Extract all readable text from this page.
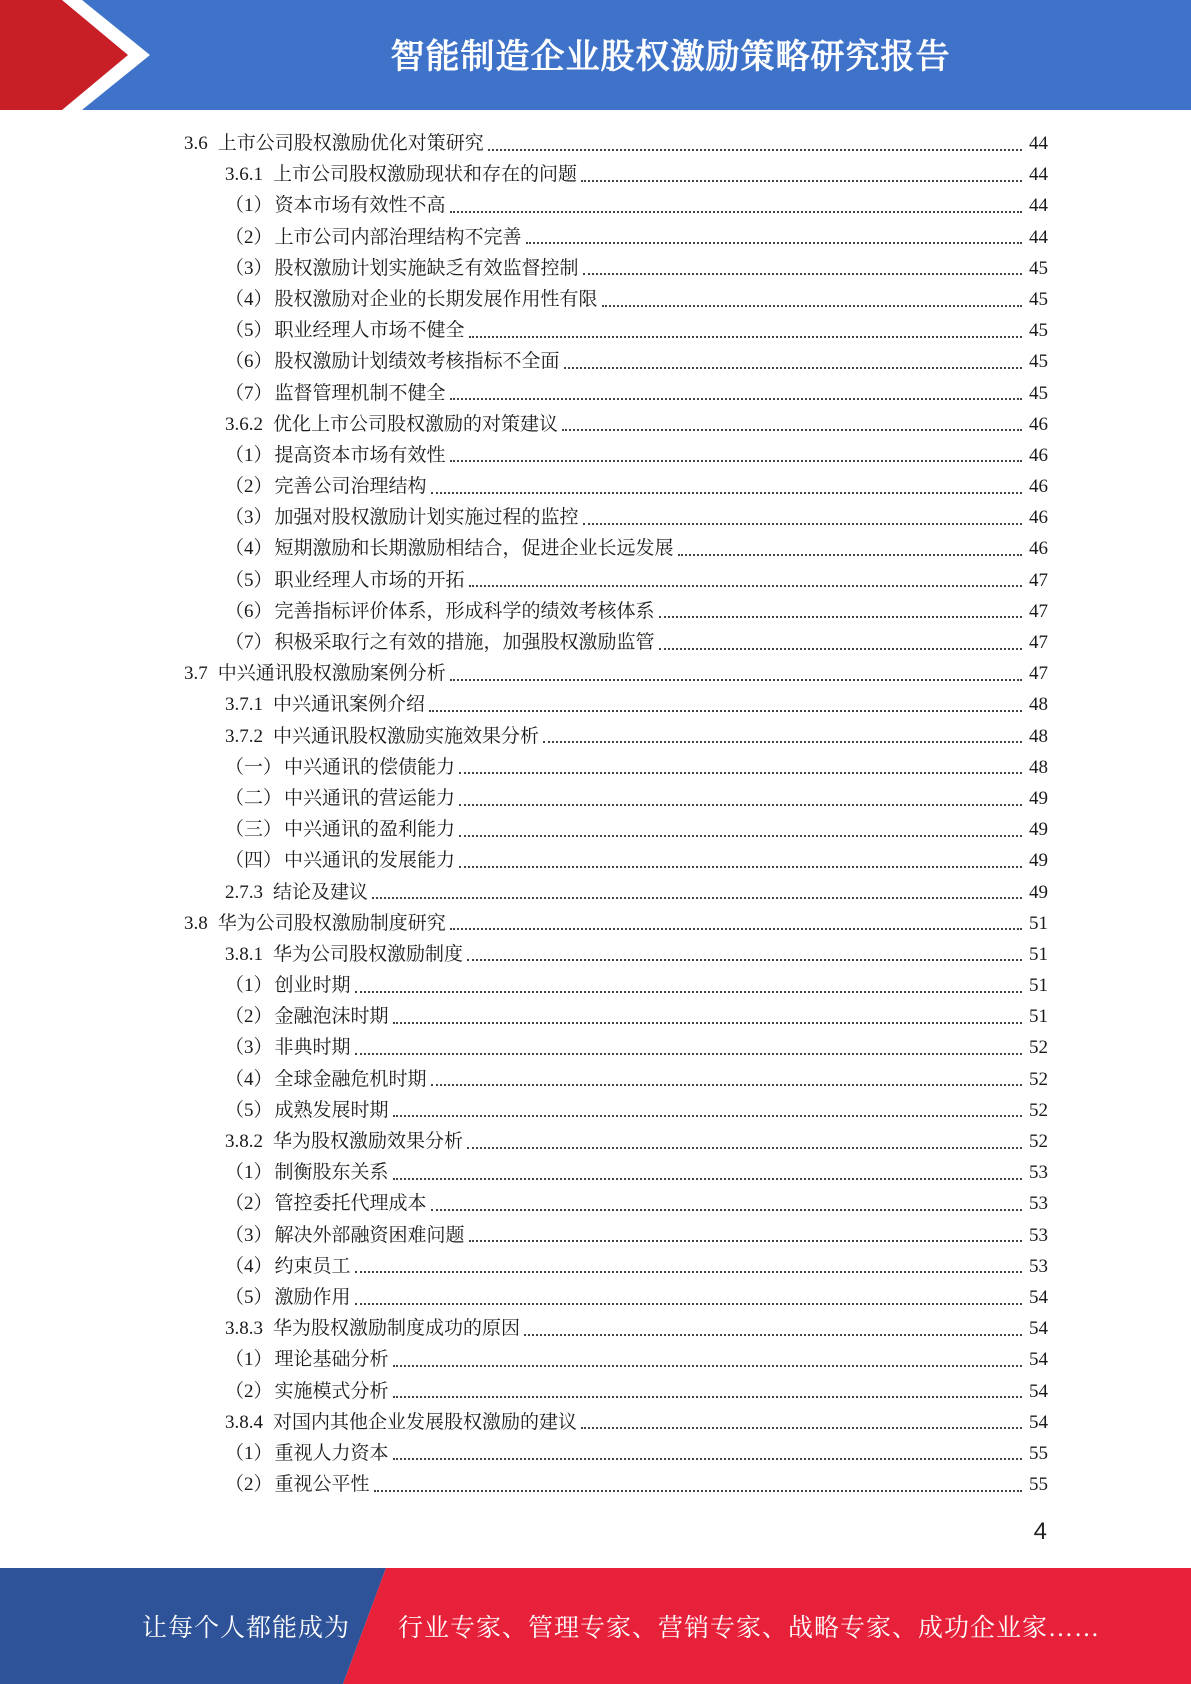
智能制造企业股权激励策略研究报告
3.6 上市公司股权激励优化对策研究	44
3.6.1 上市公司股权激励现状和存在的问题	44
（1） 资本市场有效性不高	44
（2） 上市公司内部治理结构不完善	44
（3） 股权激励计划实施缺乏有效监督控制	45
（4） 股权激励对企业的长期发展作用性有限	45
（5） 职业经理人市场不健全	45
（6） 股权激励计划绩效考核指标不全面	45
（7） 监督管理机制不健全	45
3.6.2 优化上市公司股权激励的对策建议	46
（1） 提高资本市场有效性	46
（2） 完善公司治理结构	46
（3） 加强对股权激励计划实施过程的监控	46
（4） 短期激励和长期激励相结合，促进企业长远发展	46
（5） 职业经理人市场的开拓	47
（6） 完善指标评价体系，形成科学的绩效考核体系	47
（7） 积极采取行之有效的措施，加强股权激励监管	47
3.7 中兴通讯股权激励案例分析	47
3.7.1 中兴通讯案例介绍	48
3.7.2 中兴通讯股权激励实施效果分析	48
（一） 中兴通讯的偿债能力	48
（二） 中兴通讯的营运能力	49
（三） 中兴通讯的盈利能力	49
（四） 中兴通讯的发展能力	49
2.7.3 结论及建议	49
3.8 华为公司股权激励制度研究	51
3.8.1 华为公司股权激励制度	51
（1） 创业时期	51
（2） 金融泡沫时期	51
（3） 非典时期	52
（4） 全球金融危机时期	52
（5） 成熟发展时期	52
3.8.2 华为股权激励效果分析	52
（1） 制衡股东关系	53
（2） 管控委托代理成本	53
（3） 解决外部融资困难问题	53
（4） 约束员工	53
（5） 激励作用	54
3.8.3 华为股权激励制度成功的原因	54
（1） 理论基础分析	54
（2） 实施模式分析	54
3.8.4 对国内其他企业发展股权激励的建议	54
（1） 重视人力资本	55
（2） 重视公平性	55
4
让每个人都能成为 行业专家、管理专家、营销专家、战略专家、成功企业家……
